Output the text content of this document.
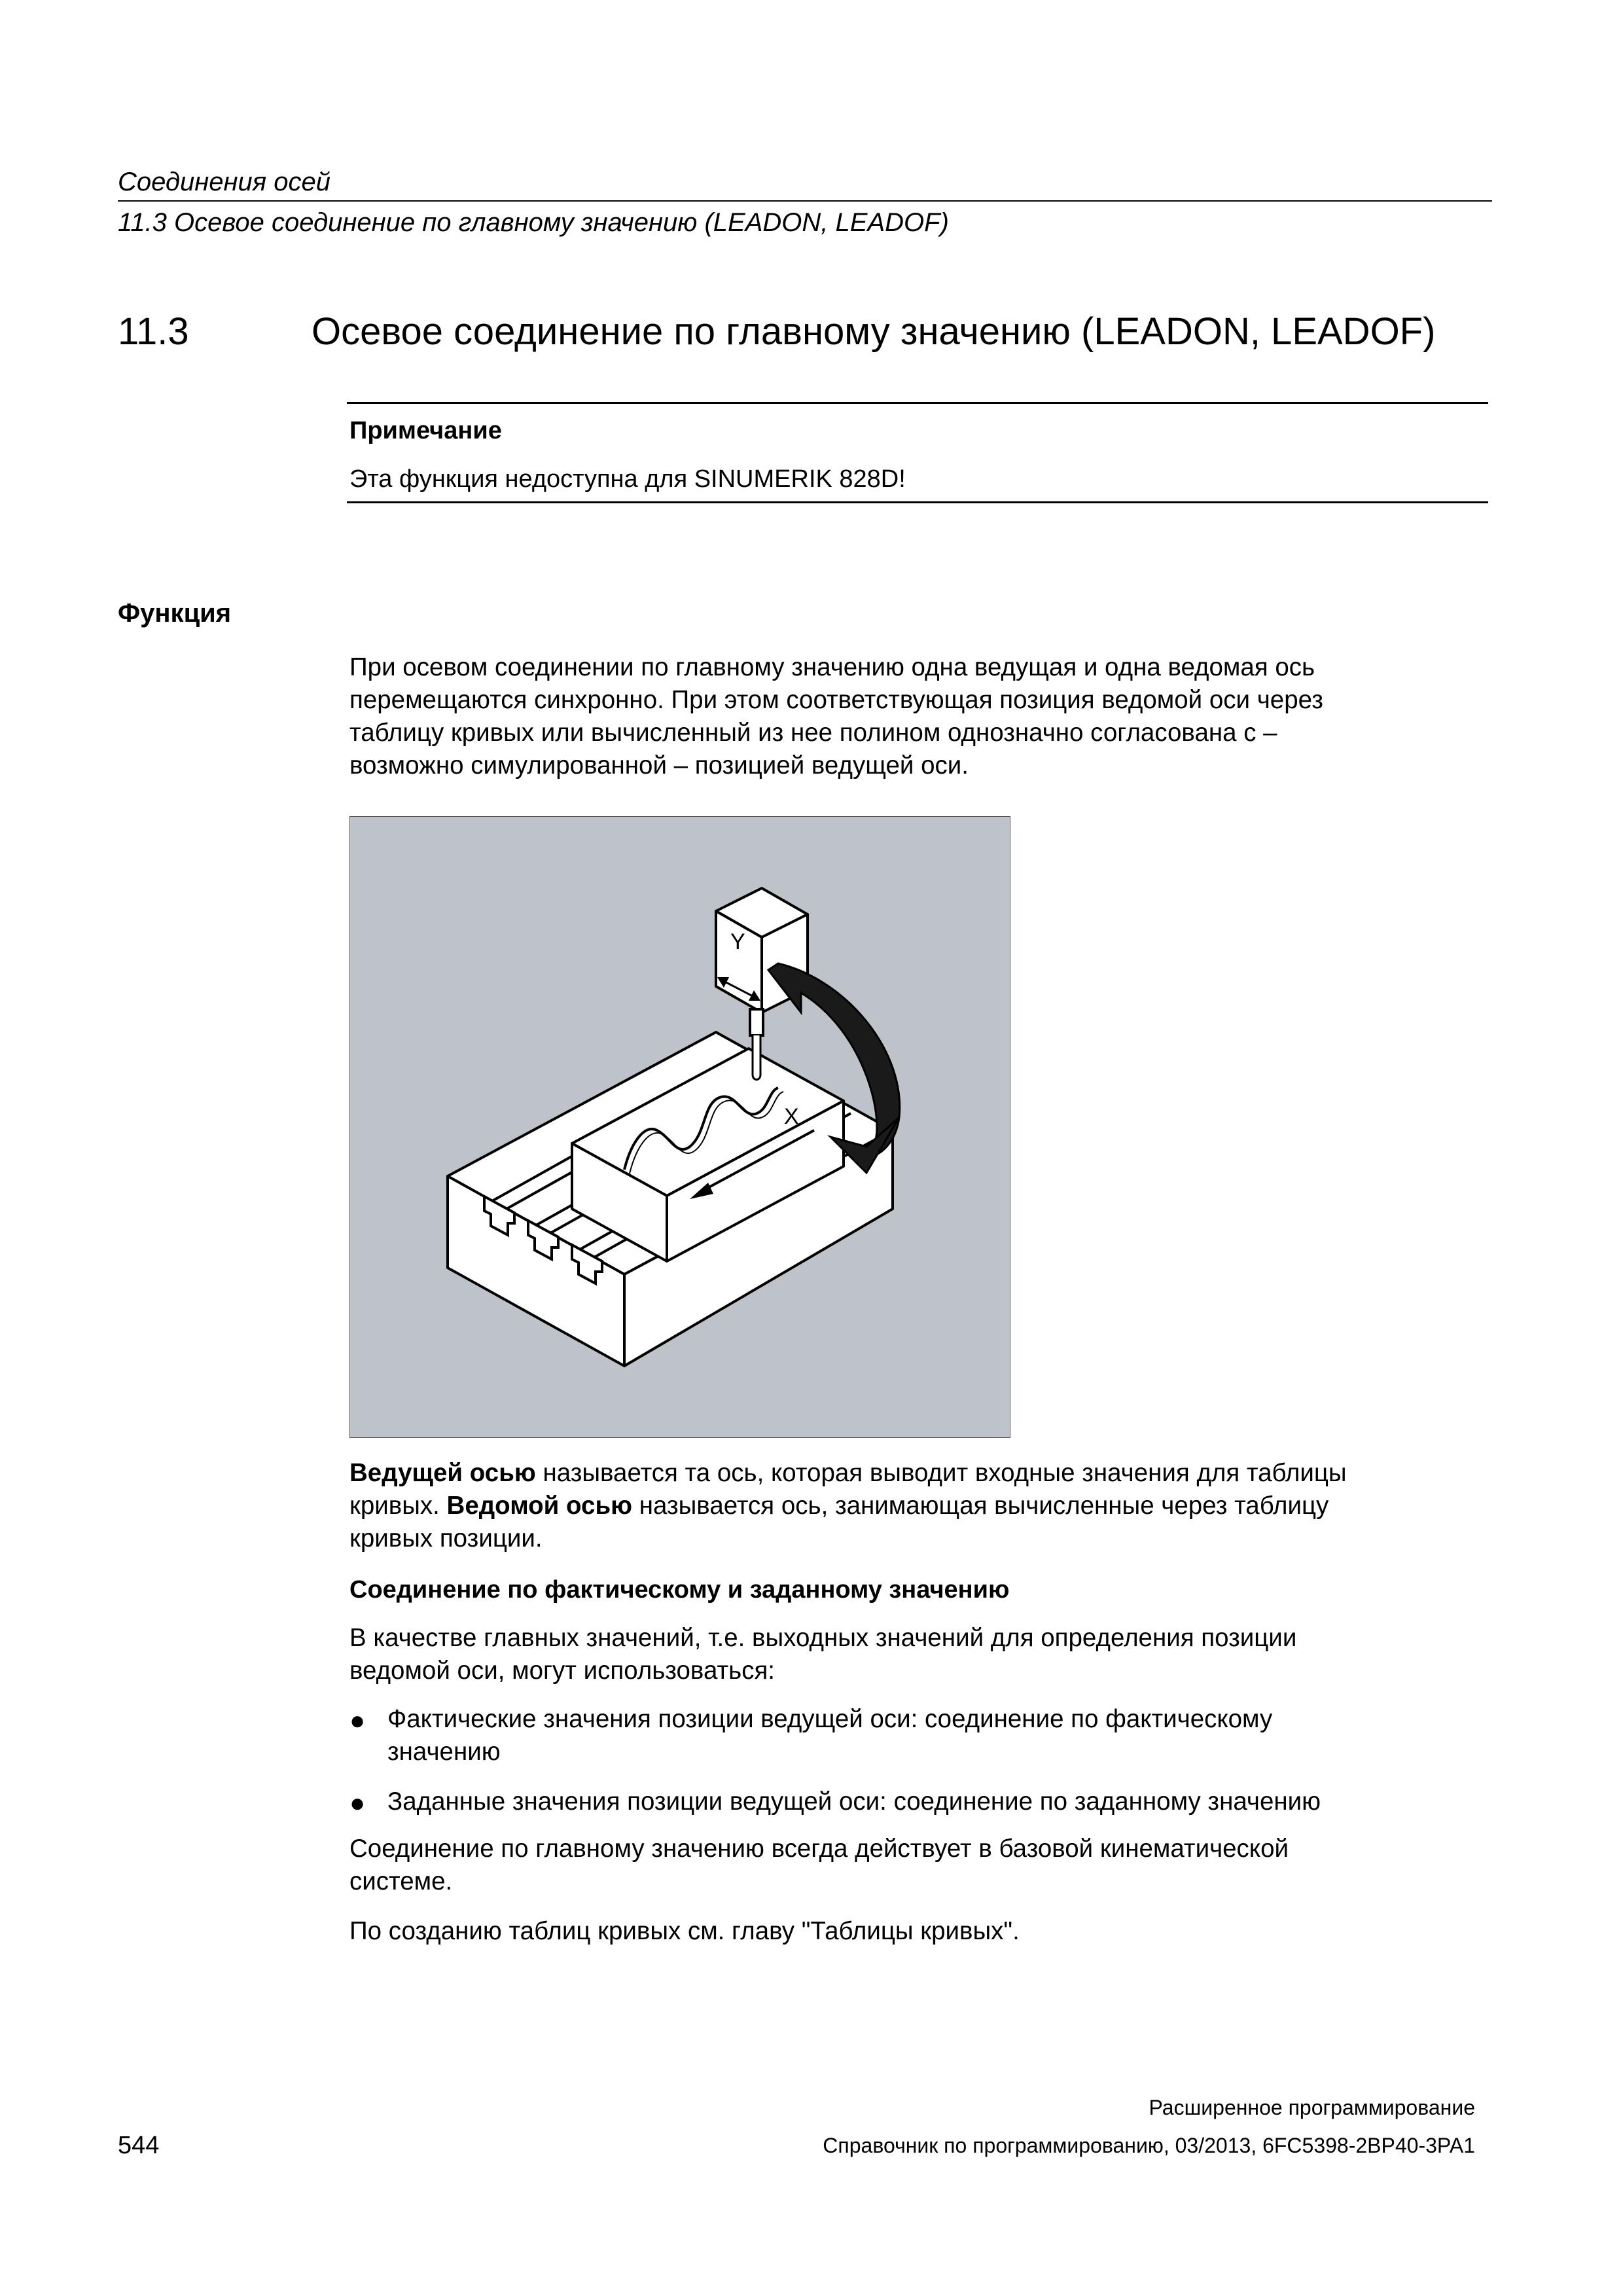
Соединения осей
11.3 Осевое соединение по главному значению (LEADON, LEADOF)
11.3	Осевое соединение по главному значению (LEADON, LEADOF)
Примечание
Эта функция недоступна для SINUMERIK 828D!
Функция
При осевом соединении по главному значению одна ведущая и одна ведомая ось
перемещаются синхронно. При этом соответствующая позиция ведомой оси через
таблицу кривых или вычисленный из нее полином однозначно согласована с –
возможно симулированной – позицией ведущей оси.
X
Y
Ведущей осью называется та ось, которая выводит входные значения для таблицы
кривых. Ведомой осью называется ось, занимающая вычисленные через таблицу
кривых позиции.
Соединение по фактическому и заданному значению
В качестве главных значений, т.е. выходных значений для определения позиции
ведомой оси, могут использоваться:
● Фактические значения позиции ведущей оси: соединение по фактическому
значению
● Заданные значения позиции ведущей оси: соединение по заданному значению
Соединение по главному значению всегда действует в базовой кинематической
системе.
По созданию таблиц кривых см. главу "Таблицы кривых".
Расширенное программирование
544	Справочник по программированию, 03/2013, 6FC5398-2BP40-3PA1
